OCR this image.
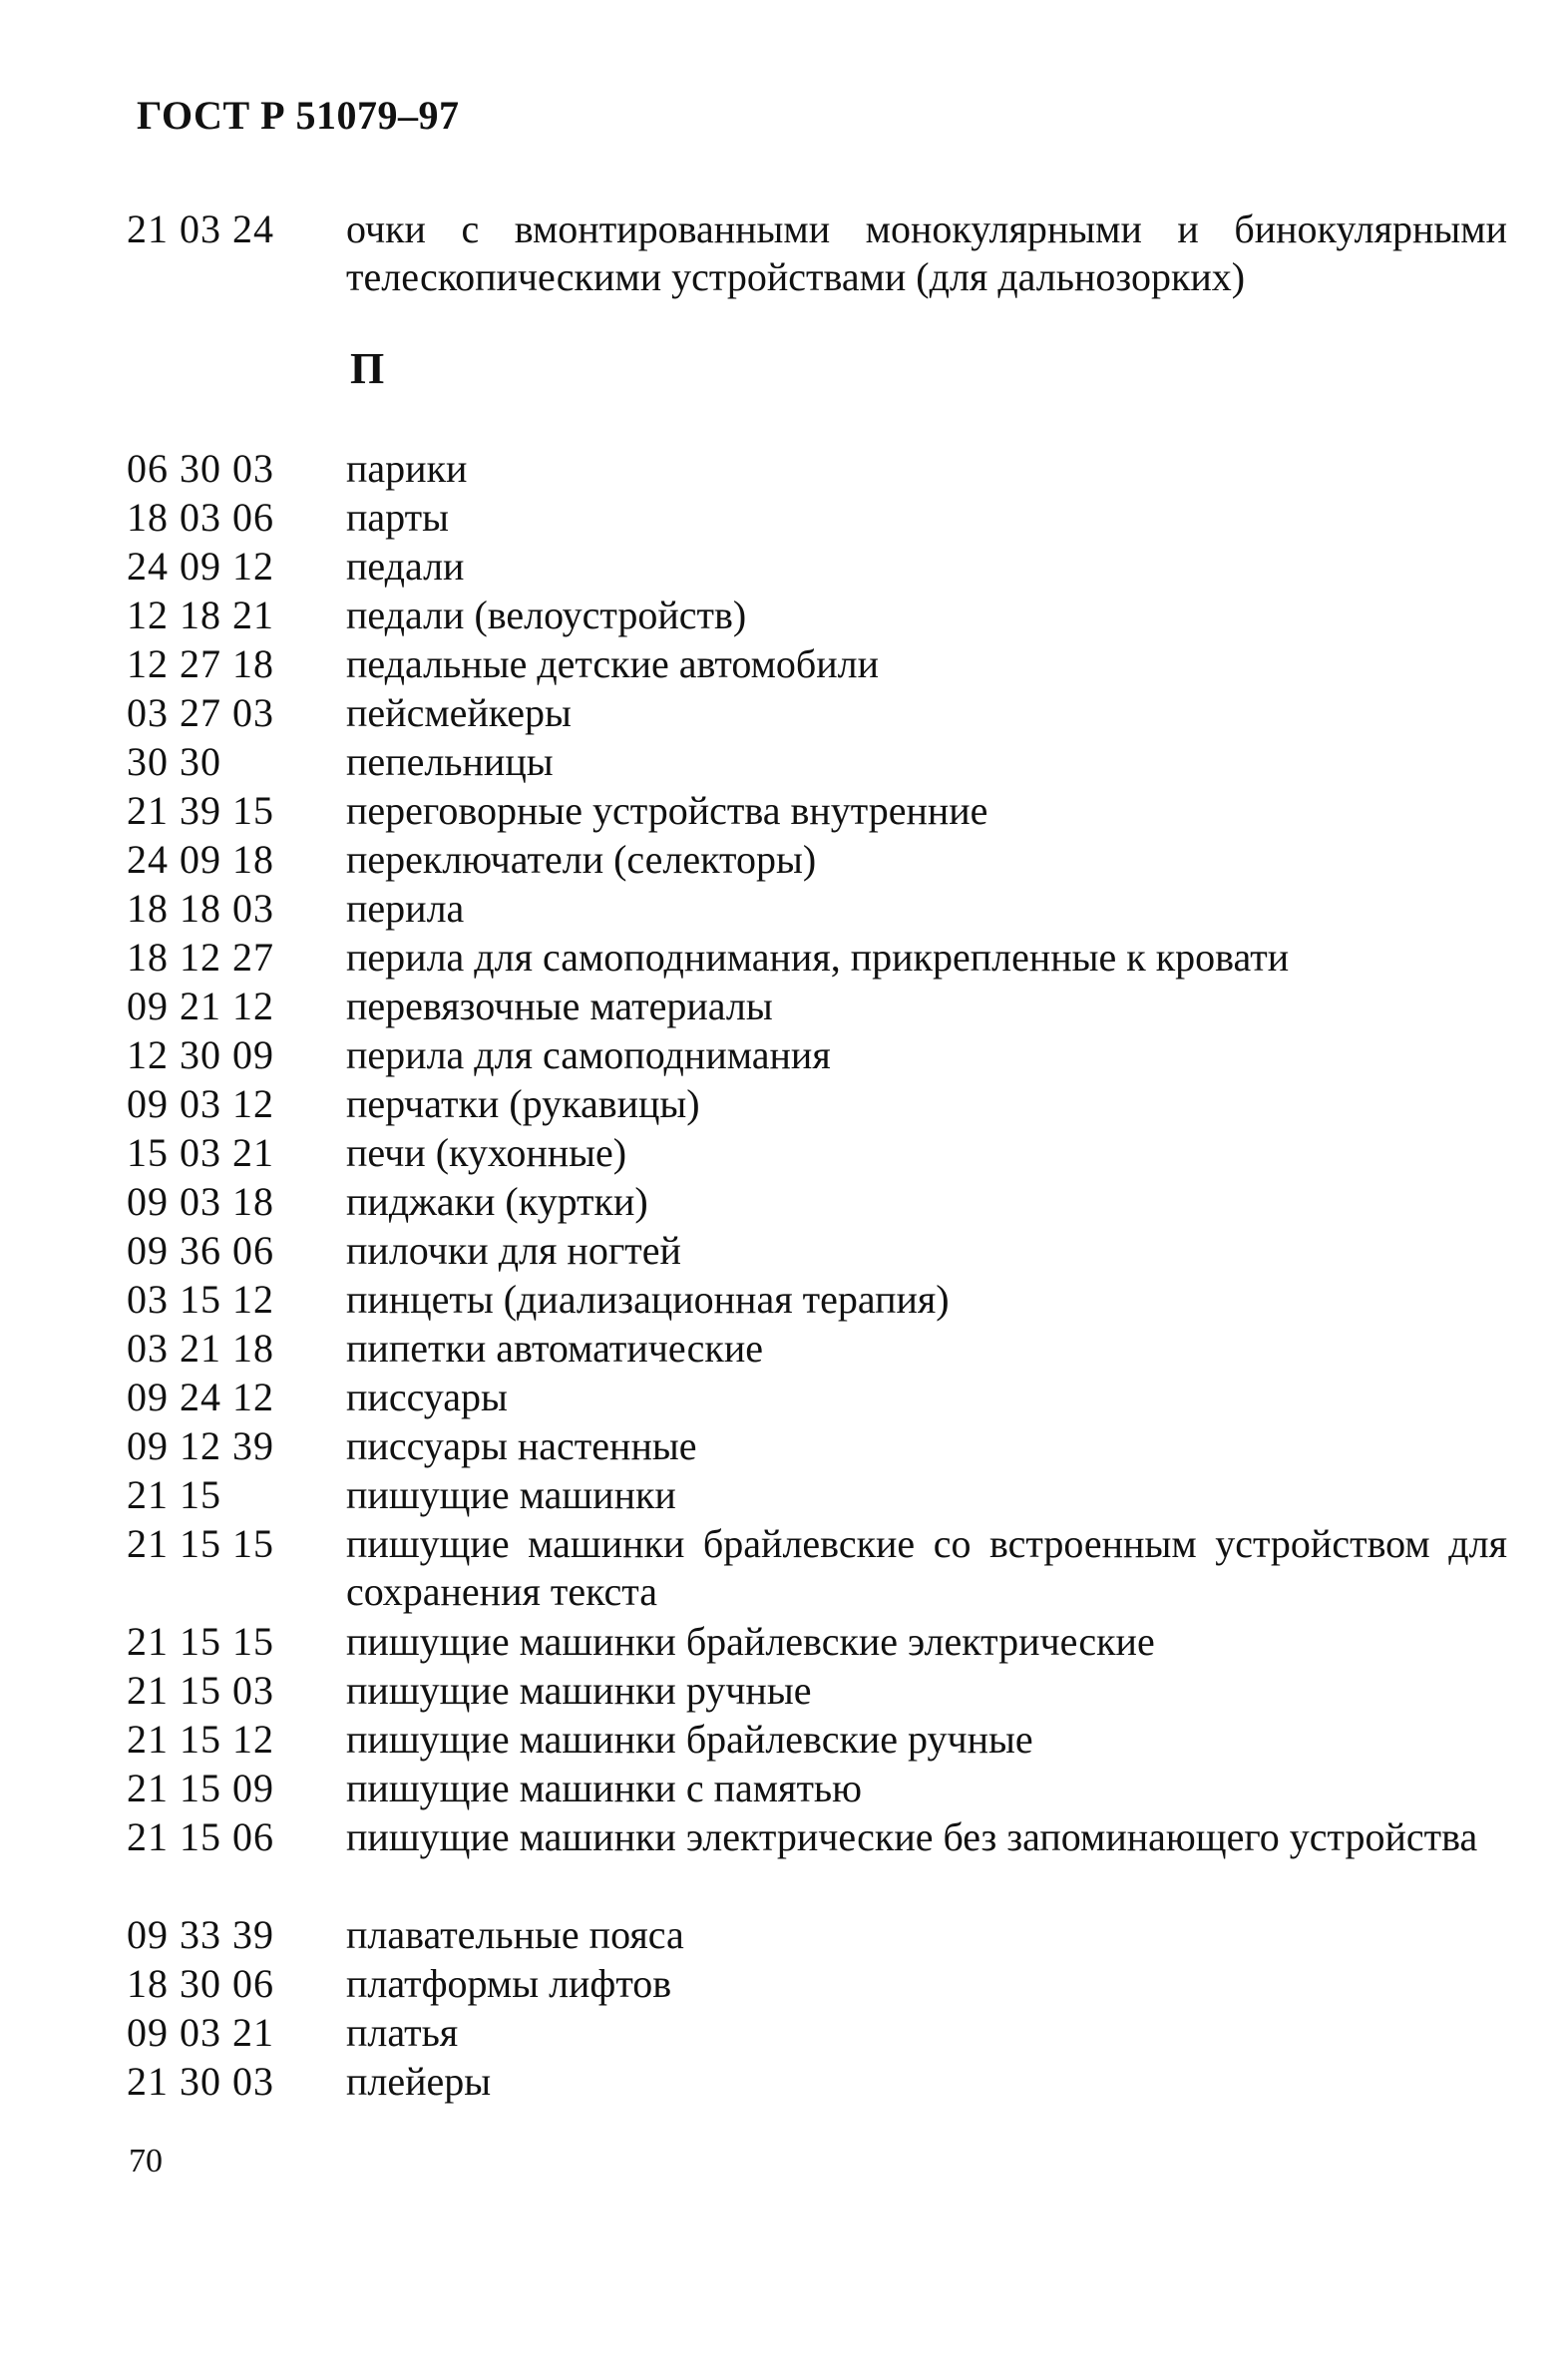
ГОСТ Р 51079–97
21 03 24	очки с вмонтированными монокулярными и бинокулярными телескопическими устройствами (для дальнозорких)
П
06 30 03	парики
18 03 06	парты
24 09 12	педали
12 18 21	педали (велоустройств)
12 27 18	педальные детские автомобили
03 27 03	пейсмейкеры
30 30	пепельницы
21 39 15	переговорные устройства внутренние
24 09 18	переключатели (селекторы)
18 18 03	перила
18 12 27	перила для самоподнимания, прикрепленные к кровати
09 21 12	перевязочные материалы
12 30 09	перила для самоподнимания
09 03 12	перчатки (рукавицы)
15 03 21	печи (кухонные)
09 03 18	пиджаки (куртки)
09 36 06	пилочки для ногтей
03 15 12	пинцеты (диализационная терапия)
03 21 18	пипетки автоматические
09 24 12	писсуары
09 12 39	писсуары настенные
21 15	пишущие машинки
21 15 15	пишущие машинки брайлевские со встроенным устройством для сохранения текста
21 15 15	пишущие машинки брайлевские электрические
21 15 03	пишущие машинки ручные
21 15 12	пишущие машинки брайлевские ручные
21 15 09	пишущие машинки с памятью
21 15 06	пишущие машинки электрические без запоминающего устройства
09 33 39	плавательные пояса
18 30 06	платформы лифтов
09 03 21	платья
21 30 03	плейеры
70
